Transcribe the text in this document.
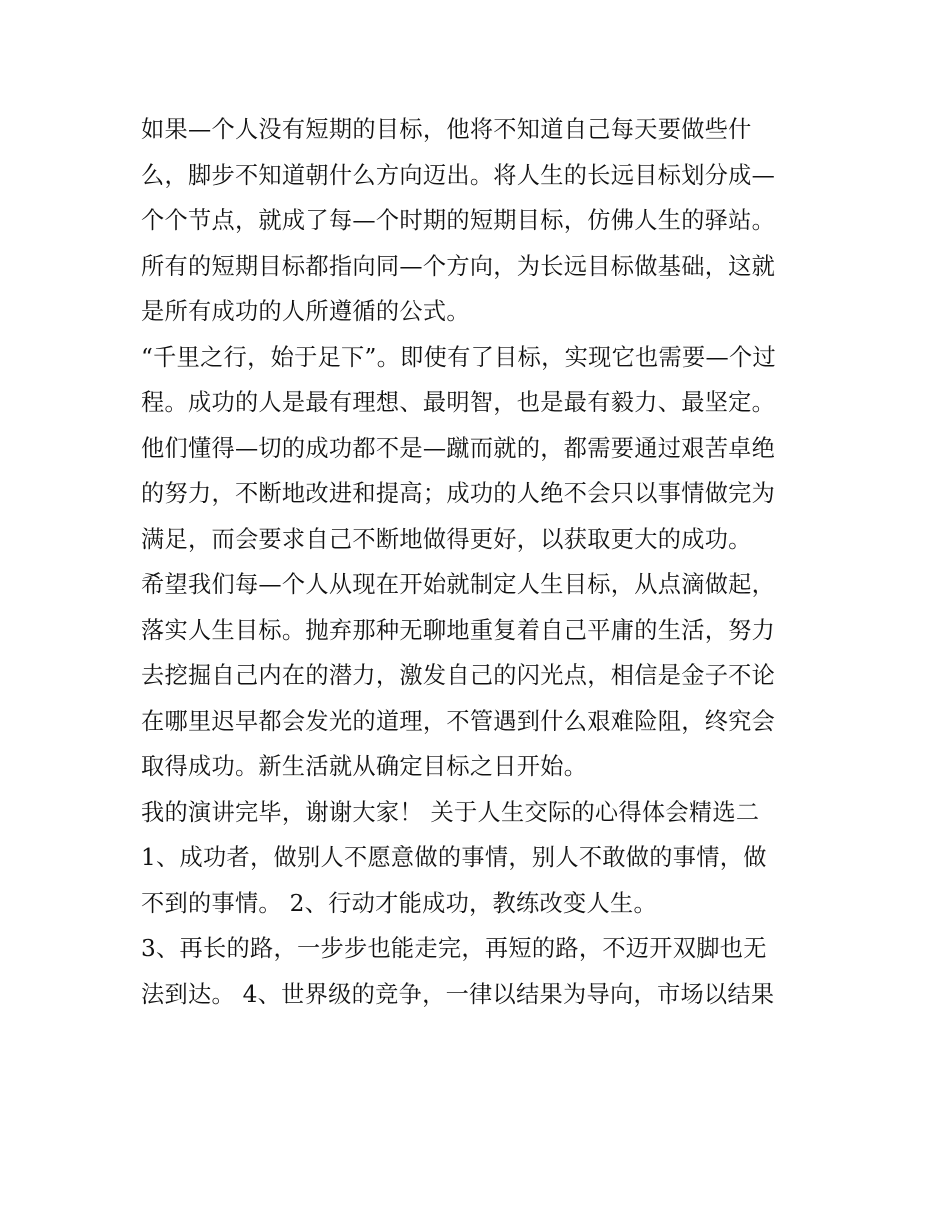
如果—个人没有短期的目标，他将不知道自己每天要做些什
么，脚步不知道朝什么方向迈出。将人生的长远目标划分成—
个个节点，就成了每—个时期的短期目标，仿佛人生的驿站。
所有的短期目标都指向同—个方向，为长远目标做基础，这就
是所有成功的人所遵循的公式。
“千里之行，始于足下”。即使有了目标，实现它也需要—个过
程。成功的人是最有理想、最明智，也是最有毅力、最坚定。
他们懂得—切的成功都不是—蹴而就的，都需要通过艰苦卓绝
的努力，不断地改进和提高；成功的人绝不会只以事情做完为
满足，而会要求自己不断地做得更好，以获取更大的成功。
希望我们每—个人从现在开始就制定人生目标，从点滴做起，
落实人生目标。抛弃那种无聊地重复着自己平庸的生活，努力
去挖掘自己内在的潜力，激发自己的闪光点，相信是金子不论
在哪里迟早都会发光的道理，不管遇到什么艰难险阻，终究会
取得成功。新生活就从确定目标之日开始。
我的演讲完毕，谢谢大家！ 关于人生交际的心得体会精选二
1、成功者，做别人不愿意做的事情，别人不敢做的事情，做
不到的事情。 2、行动才能成功，教练改变人生。
3、再长的路，一步步也能走完，再短的路，不迈开双脚也无
法到达。 4、世界级的竞争，一律以结果为导向，市场以结果
